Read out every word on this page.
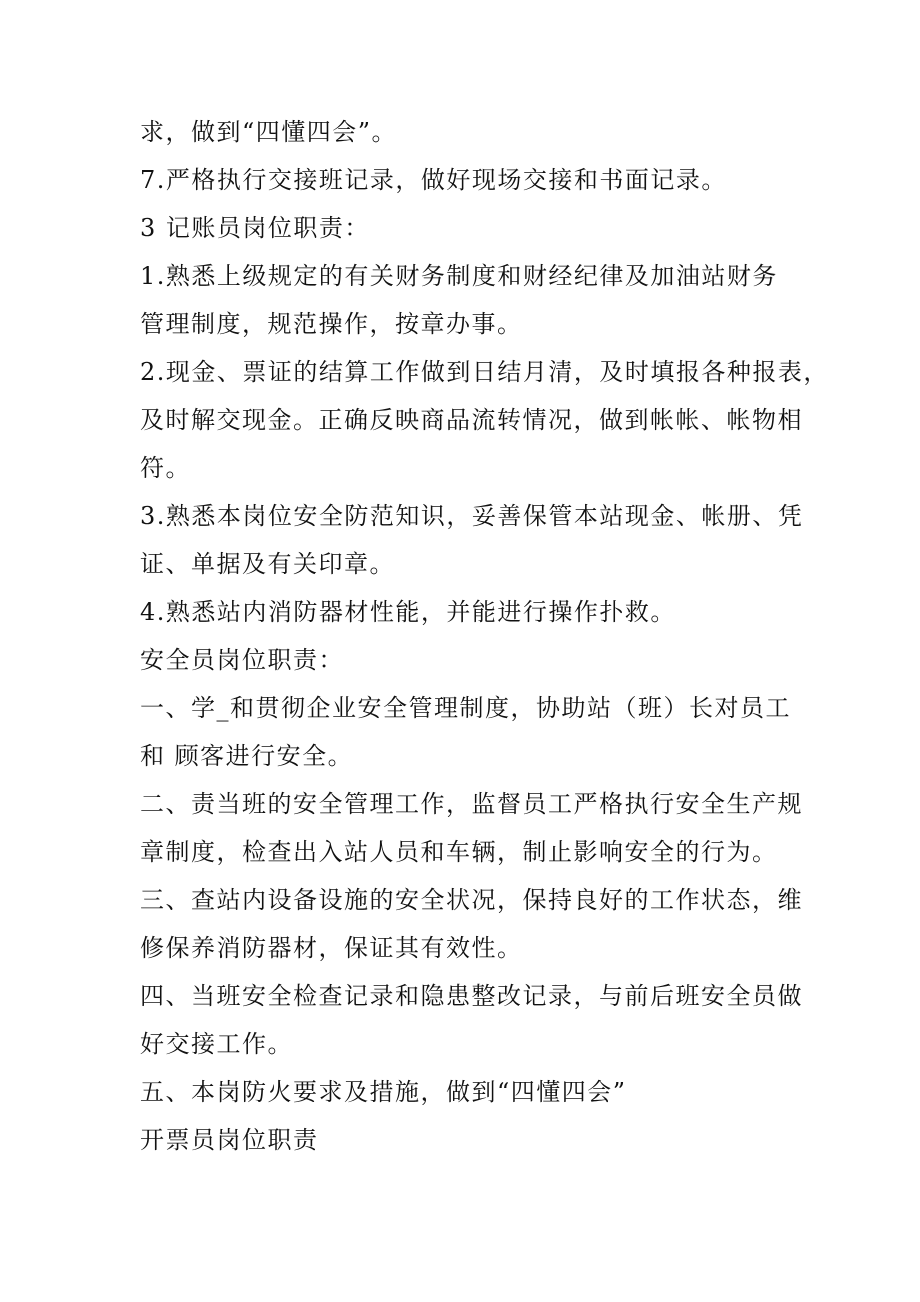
求，做到“四懂四会”。
7.严格执行交接班记录，做好现场交接和书面记录。
3 记账员岗位职责：
1.熟悉上级规定的有关财务制度和财经纪律及加油站财务
管理制度，规范操作，按章办事。
2.现金、票证的结算工作做到日结月清，及时填报各种报表，
及时解交现金。正确反映商品流转情况，做到帐帐、帐物相
符。
3.熟悉本岗位安全防范知识，妥善保管本站现金、帐册、凭
证、单据及有关印章。
4.熟悉站内消防器材性能，并能进行操作扑救。
安全员岗位职责：
一、学_和贯彻企业安全管理制度，协助站（班）长对员工
和 顾客进行安全。
二、责当班的安全管理工作，监督员工严格执行安全生产规
章制度，检查出入站人员和车辆，制止影响安全的行为。
三、查站内设备设施的安全状况，保持良好的工作状态，维
修保养消防器材，保证其有效性。
四、当班安全检查记录和隐患整改记录，与前后班安全员做
好交接工作。
五、本岗防火要求及措施，做到“四懂四会”
开票员岗位职责
